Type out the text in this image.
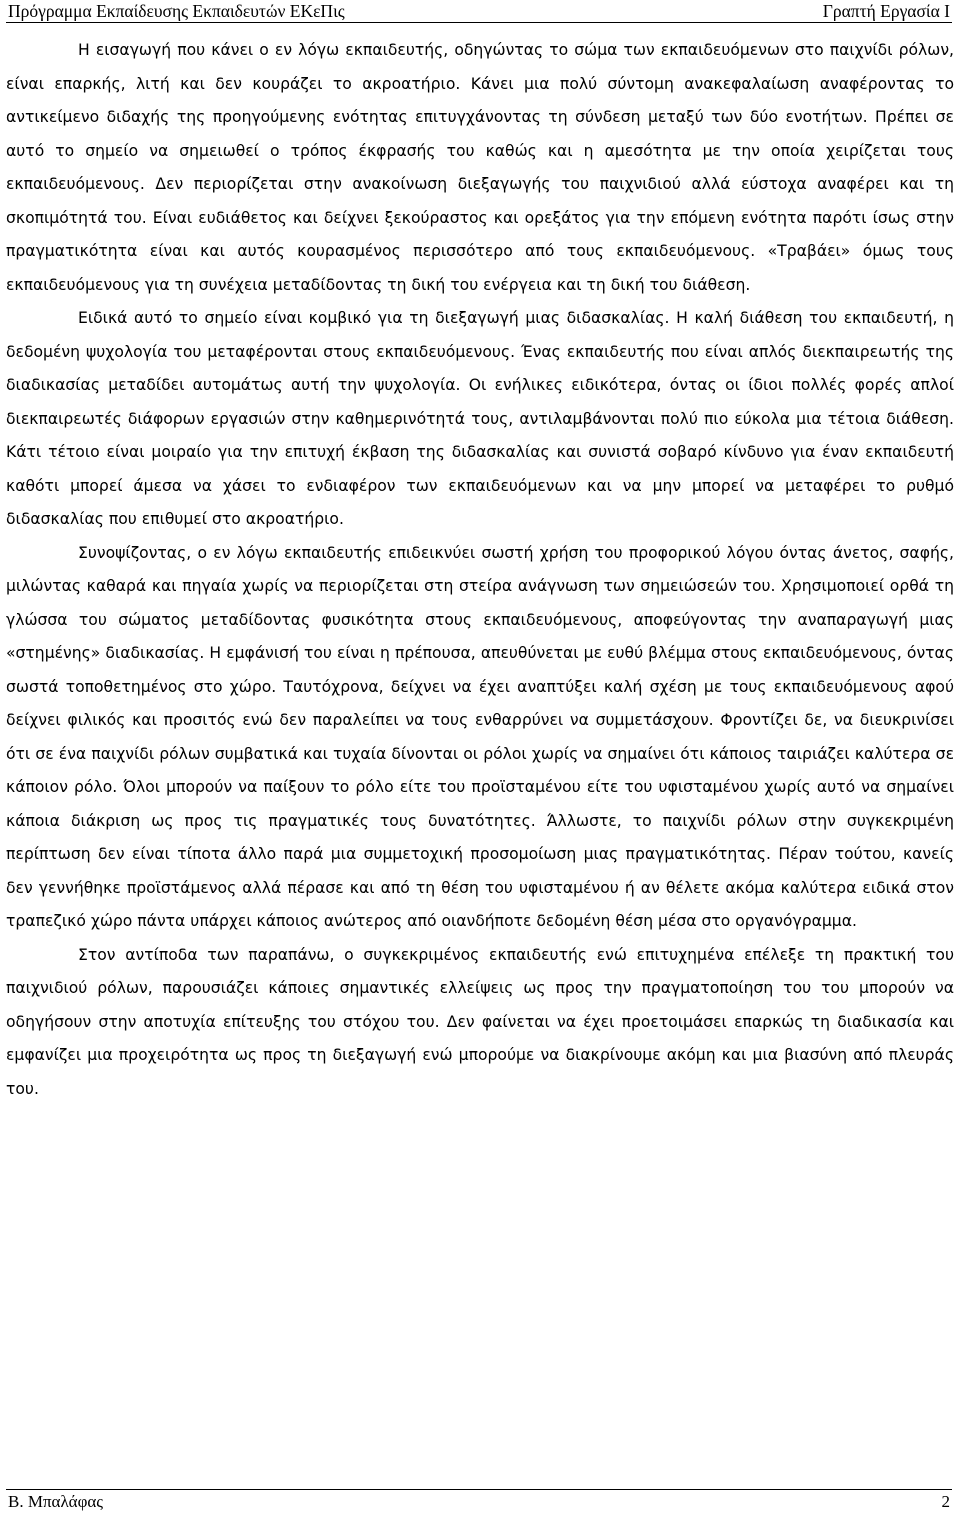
Πρόγραμμα Εκπαίδευσης Εκπαιδευτών ΕΚεΠις	Γραπτή Εργασία Ι

Η εισαγωγή που κάνει ο εν λόγω εκπαιδευτής, οδηγώντας το σώμα των εκπαιδευόμενων στο παιχνίδι ρόλων, είναι επαρκής, λιτή και δεν κουράζει το ακροατήριο. Κάνει μια πολύ σύντομη ανακεφαλαίωση αναφέροντας το αντικείμενο διδαχής της προηγούμενης ενότητας επιτυγχάνοντας τη σύνδεση μεταξύ των δύο ενοτήτων. Πρέπει σε αυτό το σημείο να σημειωθεί ο τρόπος έκφρασής του καθώς και η αμεσότητα με την οποία χειρίζεται τους εκπαιδευόμενους. Δεν περιορίζεται στην ανακοίνωση διεξαγωγής του παιχνιδιού αλλά εύστοχα αναφέρει και τη σκοπιμότητά του. Είναι ευδιάθετος και δείχνει ξεκούραστος και ορεξάτος για την επόμενη ενότητα παρότι ίσως στην πραγματικότητα είναι και αυτός κουρασμένος περισσότερο από τους εκπαιδευόμενους. «Τραβάει» όμως τους εκπαιδευόμενους για τη συνέχεια μεταδίδοντας τη δική του ενέργεια και τη δική του διάθεση.

Ειδικά αυτό το σημείο είναι κομβικό για τη διεξαγωγή μιας διδασκαλίας. Η καλή διάθεση του εκπαιδευτή, η δεδομένη ψυχολογία του μεταφέρονται στους εκπαιδευόμενους. Ένας εκπαιδευτής που είναι απλός διεκπαιρεωτής της διαδικασίας μεταδίδει αυτομάτως αυτή την ψυχολογία. Οι ενήλικες ειδικότερα, όντας οι ίδιοι πολλές φορές απλοί διεκπαιρεωτές διάφορων εργασιών στην καθημερινότητά τους, αντιλαμβάνονται πολύ πιο εύκολα μια τέτοια διάθεση. Κάτι τέτοιο είναι μοιραίο για την επιτυχή έκβαση της διδασκαλίας και συνιστά σοβαρό κίνδυνο για έναν εκπαιδευτή καθότι μπορεί άμεσα να χάσει το ενδιαφέρον των εκπαιδευόμενων και να μην μπορεί να μεταφέρει το ρυθμό διδασκαλίας που επιθυμεί στο ακροατήριο.

Συνοψίζοντας, ο εν λόγω εκπαιδευτής επιδεικνύει σωστή χρήση του προφορικού λόγου όντας άνετος, σαφής, μιλώντας καθαρά και πηγαία χωρίς να περιορίζεται στη στείρα ανάγνωση των σημειώσεών του. Χρησιμοποιεί ορθά τη γλώσσα του σώματος μεταδίδοντας φυσικότητα στους εκπαιδευόμενους, αποφεύγοντας την αναπαραγωγή μιας «στημένης» διαδικασίας. Η εμφάνισή του είναι η πρέπουσα, απευθύνεται με ευθύ βλέμμα στους εκπαιδευόμενους, όντας σωστά τοποθετημένος στο χώρο. Ταυτόχρονα, δείχνει να έχει αναπτύξει καλή σχέση με τους εκπαιδευόμενους αφού δείχνει φιλικός και προσιτός ενώ δεν παραλείπει να τους ενθαρρύνει να συμμετάσχουν. Φροντίζει δε, να διευκρινίσει ότι σε ένα παιχνίδι ρόλων συμβατικά και τυχαία δίνονται οι ρόλοι χωρίς να σημαίνει ότι κάποιος ταιριάζει καλύτερα σε κάποιον ρόλο. Όλοι μπορούν να παίξουν το ρόλο είτε του προϊσταμένου είτε του υφισταμένου χωρίς αυτό να σημαίνει κάποια διάκριση ως προς τις πραγματικές τους δυνατότητες. Άλλωστε, το παιχνίδι ρόλων στην συγκεκριμένη περίπτωση δεν είναι τίποτα άλλο παρά μια συμμετοχική προσομοίωση μιας πραγματικότητας. Πέραν τούτου, κανείς δεν γεννήθηκε προϊστάμενος αλλά πέρασε και από τη θέση του υφισταμένου ή αν θέλετε ακόμα καλύτερα ειδικά στον τραπεζικό χώρο πάντα υπάρχει κάποιος ανώτερος από οιανδήποτε δεδομένη θέση μέσα στο οργανόγραμμα.

Στον αντίποδα των παραπάνω, ο συγκεκριμένος εκπαιδευτής ενώ επιτυχημένα επέλεξε τη πρακτική του παιχνιδιού ρόλων, παρουσιάζει κάποιες σημαντικές ελλείψεις ως προς την πραγματοποίηση του του μπορούν να οδηγήσουν στην αποτυχία επίτευξης του στόχου του. Δεν φαίνεται να έχει προετοιμάσει επαρκώς τη διαδικασία και εμφανίζει μια προχειρότητα ως προς τη διεξαγωγή ενώ μπορούμε να διακρίνουμε ακόμη και μια βιασύνη από πλευράς του.

Β. Μπαλάφας	2
